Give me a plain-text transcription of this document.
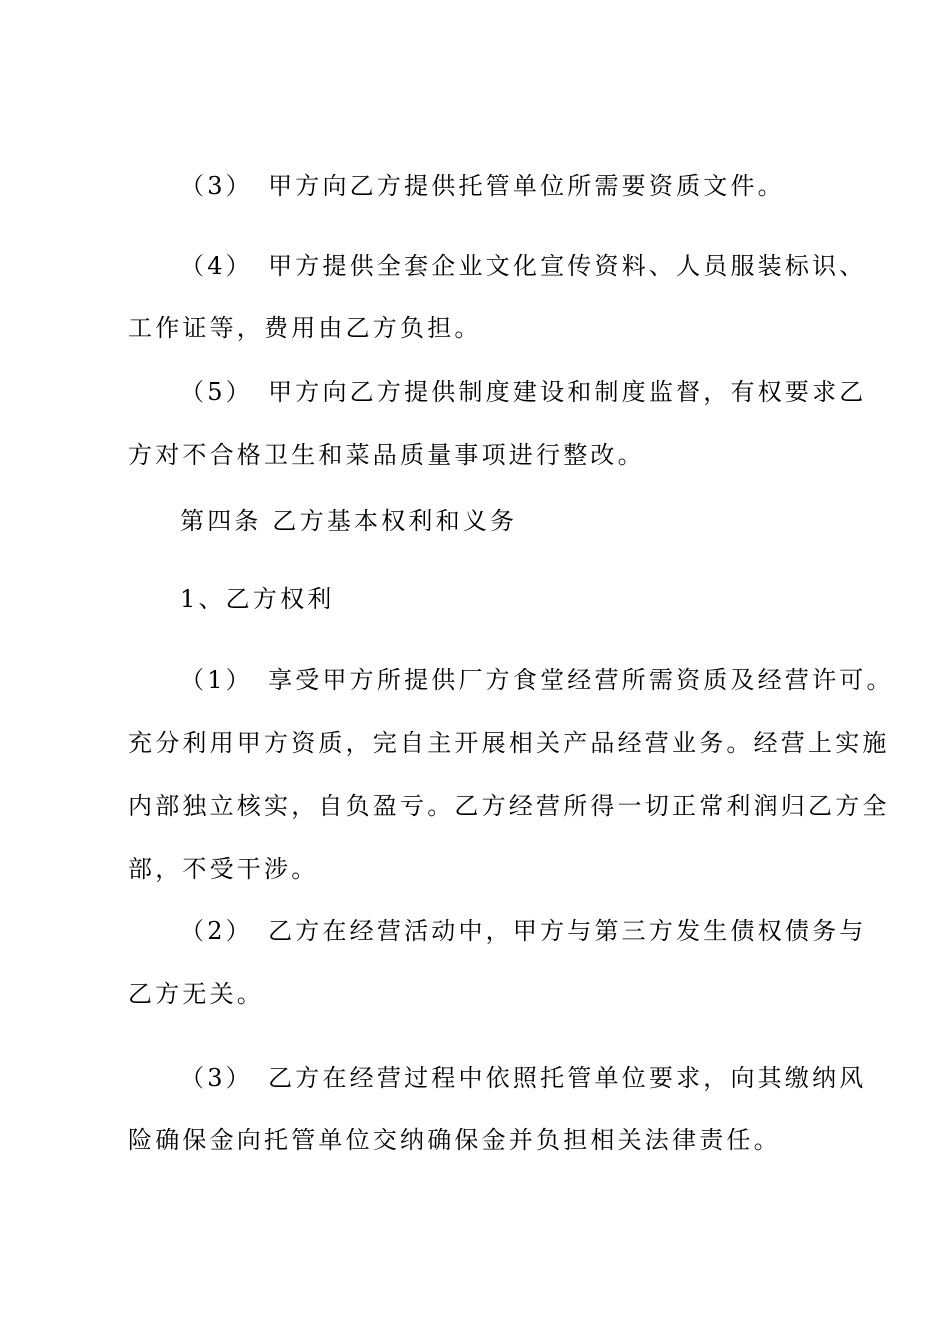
（3）　甲方向乙方提供托管单位所需要资质文件。
（4）　甲方提供全套企业文化宣传资料、人员服装标识、
工作证等，费用由乙方负担。
（5）　甲方向乙方提供制度建设和制度监督，有权要求乙
方对不合格卫生和菜品质量事项进行整改。
第四条 乙方基本权利和义务
1、乙方权利
（1）　享受甲方所提供厂方食堂经营所需资质及经营许可。
充分利用甲方资质，完自主开展相关产品经营业务。经营上实施
内部独立核实，自负盈亏。乙方经营所得一切正常利润归乙方全
部，不受干涉。
（2）　乙方在经营活动中，甲方与第三方发生债权债务与
乙方无关。
（3）　乙方在经营过程中依照托管单位要求，向其缴纳风
险确保金向托管单位交纳确保金并负担相关法律责任。
